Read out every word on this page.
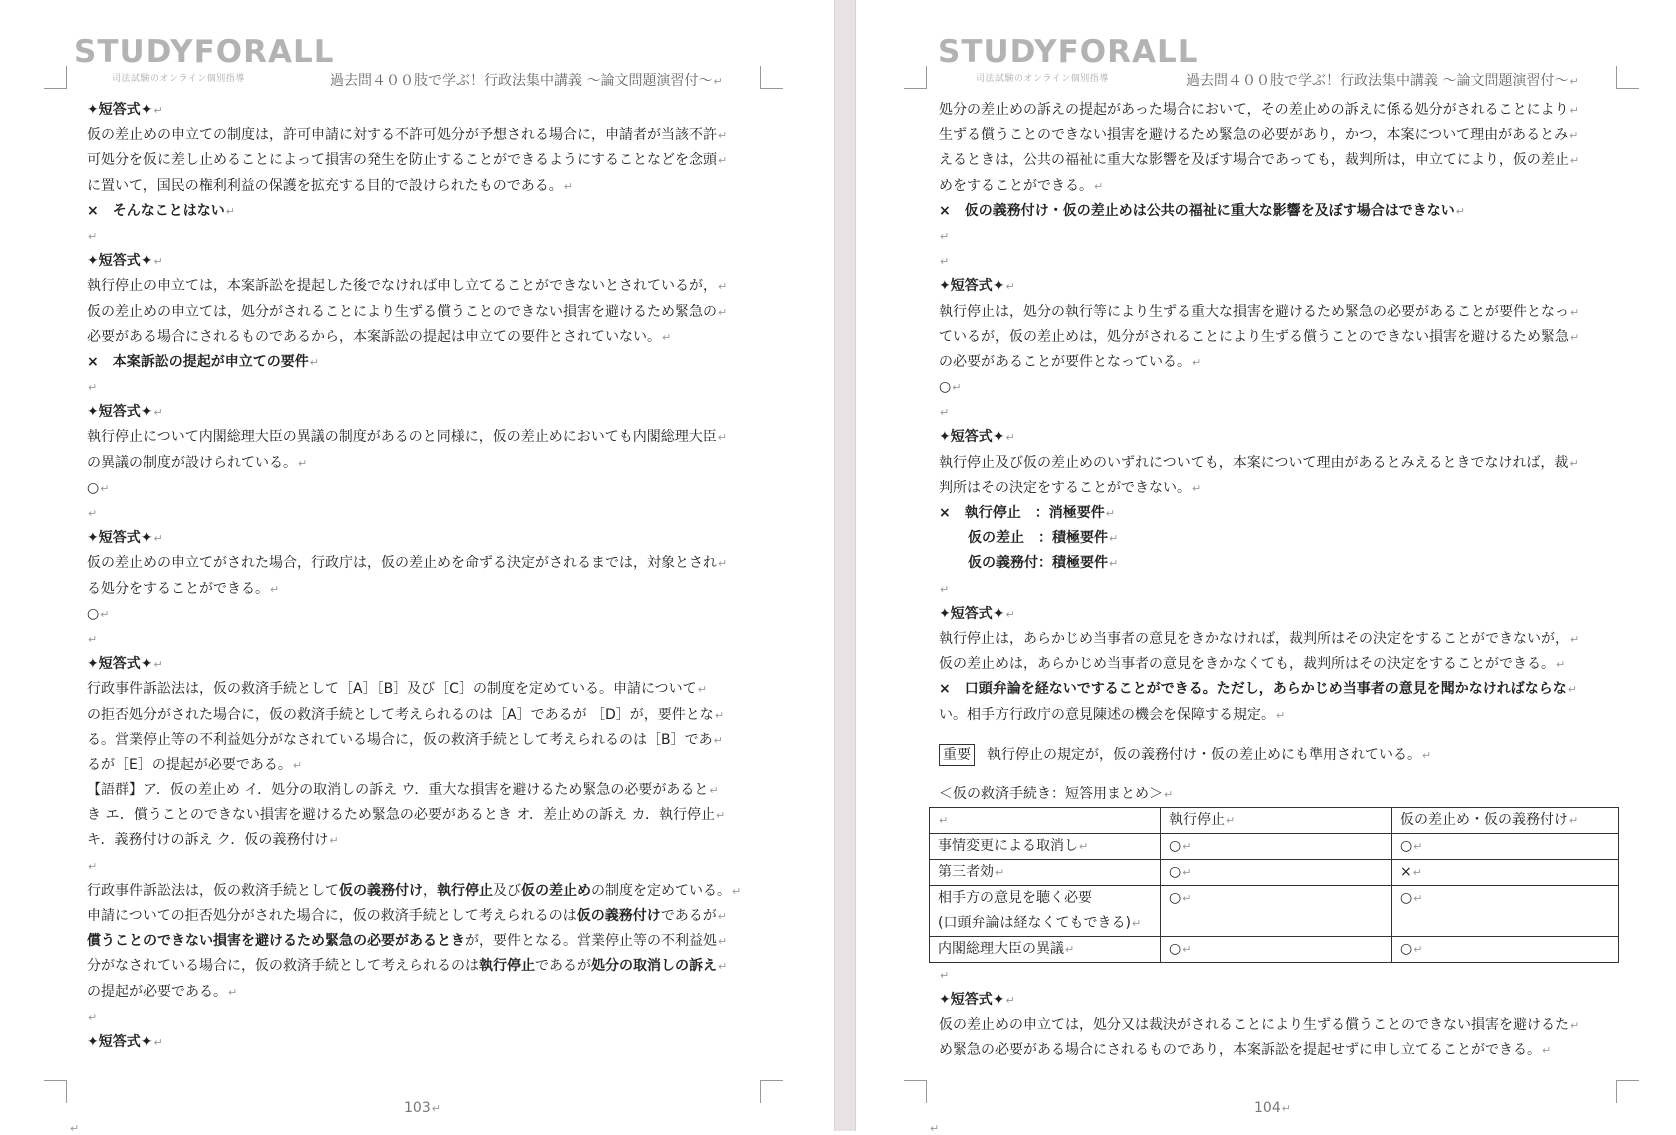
STUDYFORALL
司法試験のオンライン個別指導	過去問４００肢で学ぶ！行政法集中講義 〜論文問題演習付〜↵
✦短答式✦↵
仮の差止めの申立ての制度は，許可申請に対する不許可処分が予想される場合に，申請者が当該不許↵
可処分を仮に差し止めることによって損害の発生を防止することができるようにすることなどを念頭↵
に置いて，国民の権利利益の保護を拡充する目的で設けられたものである。↵
×　そんなことはない↵
↵
✦短答式✦↵
執行停止の申立ては，本案訴訟を提起した後でなければ申し立てることができないとされているが，↵
仮の差止めの申立ては，処分がされることにより生ずる償うことのできない損害を避けるため緊急の↵
必要がある場合にされるものであるから，本案訴訟の提起は申立ての要件とされていない。↵
×　本案訴訟の提起が申立ての要件↵
↵
✦短答式✦↵
執行停止について内閣総理大臣の異議の制度があるのと同様に，仮の差止めにおいても内閣総理大臣↵
の異議の制度が設けられている。↵
○↵
↵
✦短答式✦↵
仮の差止めの申立てがされた場合，行政庁は，仮の差止めを命ずる決定がされるまでは，対象とされ↵
る処分をすることができる。↵
○↵
↵
✦短答式✦↵
行政事件訴訟法は，仮の救済手続として［A］［B］及び［C］の制度を定めている。申請について↵
の拒否処分がされた場合に，仮の救済手続として考えられるのは［A］であるが ［D］が，要件とな↵
る。営業停止等の不利益処分がなされている場合に，仮の救済手続として考えられるのは［B］であ↵
るが［E］の提起が必要である。↵
【語群】ア．仮の差止め イ．処分の取消しの訴え ウ．重大な損害を避けるため緊急の必要があると↵
き エ．償うことのできない損害を避けるため緊急の必要があるとき オ．差止めの訴え カ．執行停止↵
キ．義務付けの訴え ク．仮の義務付け↵
↵
行政事件訴訟法は，仮の救済手続として仮の義務付け，執行停止及び仮の差止めの制度を定めている。↵
申請についての拒否処分がされた場合に，仮の救済手続として考えられるのは仮の義務付けであるが↵
償うことのできない損害を避けるため緊急の必要があるときが，要件となる。営業停止等の不利益処↵
分がなされている場合に，仮の救済手続として考えられるのは執行停止であるが処分の取消しの訴え↵
の提起が必要である。↵
↵
✦短答式✦↵
103↵
↵
STUDYFORALL
司法試験のオンライン個別指導	過去問４００肢で学ぶ！行政法集中講義 〜論文問題演習付〜↵
処分の差止めの訴えの提起があった場合において，その差止めの訴えに係る処分がされることにより↵
生ずる償うことのできない損害を避けるため緊急の必要があり，かつ，本案について理由があるとみ↵
えるときは，公共の福祉に重大な影響を及ぼす場合であっても，裁判所は，申立てにより，仮の差止↵
めをすることができる。↵
×　仮の義務付け・仮の差止めは公共の福祉に重大な影響を及ぼす場合はできない↵
↵
↵
✦短答式✦↵
執行停止は，処分の執行等により生ずる重大な損害を避けるため緊急の必要があることが要件となっ↵
ているが，仮の差止めは，処分がされることにより生ずる償うことのできない損害を避けるため緊急↵
の必要があることが要件となっている。↵
○↵
↵
✦短答式✦↵
執行停止及び仮の差止めのいずれについても，本案について理由があるとみえるときでなければ，裁↵
判所はその決定をすることができない。↵
×　執行停止　：消極要件↵
仮の差止　：積極要件↵
仮の義務付：積極要件↵
↵
✦短答式✦↵
執行停止は，あらかじめ当事者の意見をきかなければ，裁判所はその決定をすることができないが，↵
仮の差止めは，あらかじめ当事者の意見をきかなくても，裁判所はその決定をすることができる。↵
×　口頭弁論を経ないですることができる。ただし，あらかじめ当事者の意見を聞かなければならな↵
い。相手方行政庁の意見陳述の機会を保障する規定。↵
重要 執行停止の規定が，仮の義務付け・仮の差止めにも準用されている。↵
＜仮の救済手続き：短答用まとめ＞↵
↵	執行停止↵	仮の差止め・仮の義務付け↵
事情変更による取消し↵	○↵	○↵
第三者効↵	○↵	×↵
相手方の意見を聴く必要
(口頭弁論は経なくてもできる)↵	○↵	○↵
内閣総理大臣の異議↵	○↵	○↵
↵
✦短答式✦↵
仮の差止めの申立ては，処分又は裁決がされることにより生ずる償うことのできない損害を避けるた↵
め緊急の必要がある場合にされるものであり，本案訴訟を提起せずに申し立てることができる。↵
104↵
↵
